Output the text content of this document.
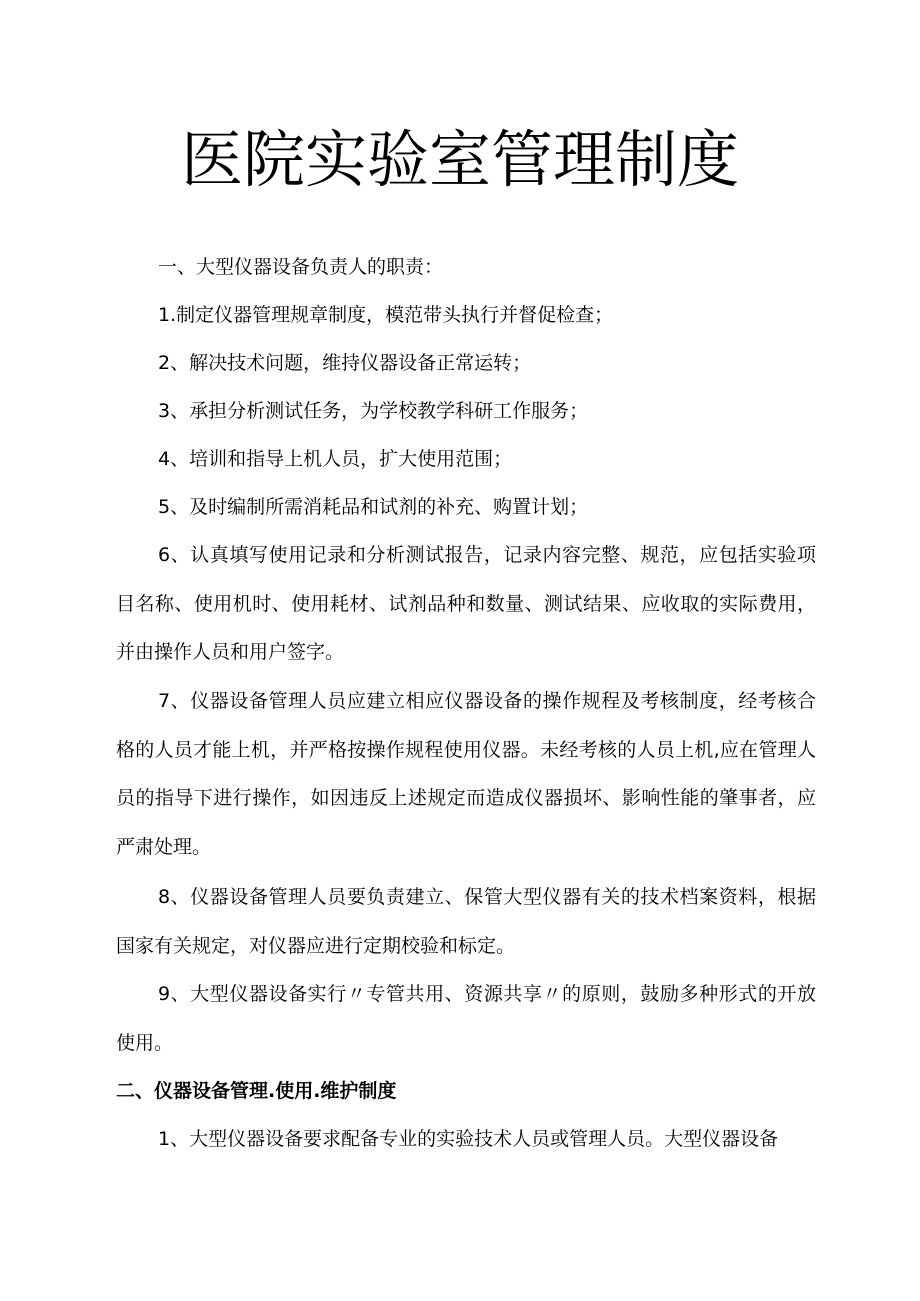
医院实验室管理制度

一、大型仪器设备负责人的职责：

1.制定仪器管理规章制度，模范带头执行并督促检查；

2、解决技术问题，维持仪器设备正常运转；

3、承担分析测试任务，为学校教学科研工作服务；

4、培训和指导上机人员，扩大使用范围；

5、及时编制所需消耗品和试剂的补充、购置计划；

6、认真填写使用记录和分析测试报告，记录内容完整、规范，应包括实验项目名称、使用机时、使用耗材、试剂品种和数量、测试结果、应收取的实际费用，并由操作人员和用户签字。

7、仪器设备管理人员应建立相应仪器设备的操作规程及考核制度，经考核合格的人员才能上机，并严格按操作规程使用仪器。未经考核的人员上机,应在管理人员的指导下进行操作，如因违反上述规定而造成仪器损坏、影响性能的肇事者，应严肃处理。

8、仪器设备管理人员要负责建立、保管大型仪器有关的技术档案资料，根据国家有关规定，对仪器应进行定期校验和标定。

9、大型仪器设备实行〃专管共用、资源共享〃的原则，鼓励多种形式的开放使用。

二、仪器设备管理.使用.维护制度

1、大型仪器设备要求配备专业的实验技术人员或管理人员。大型仪器设备
